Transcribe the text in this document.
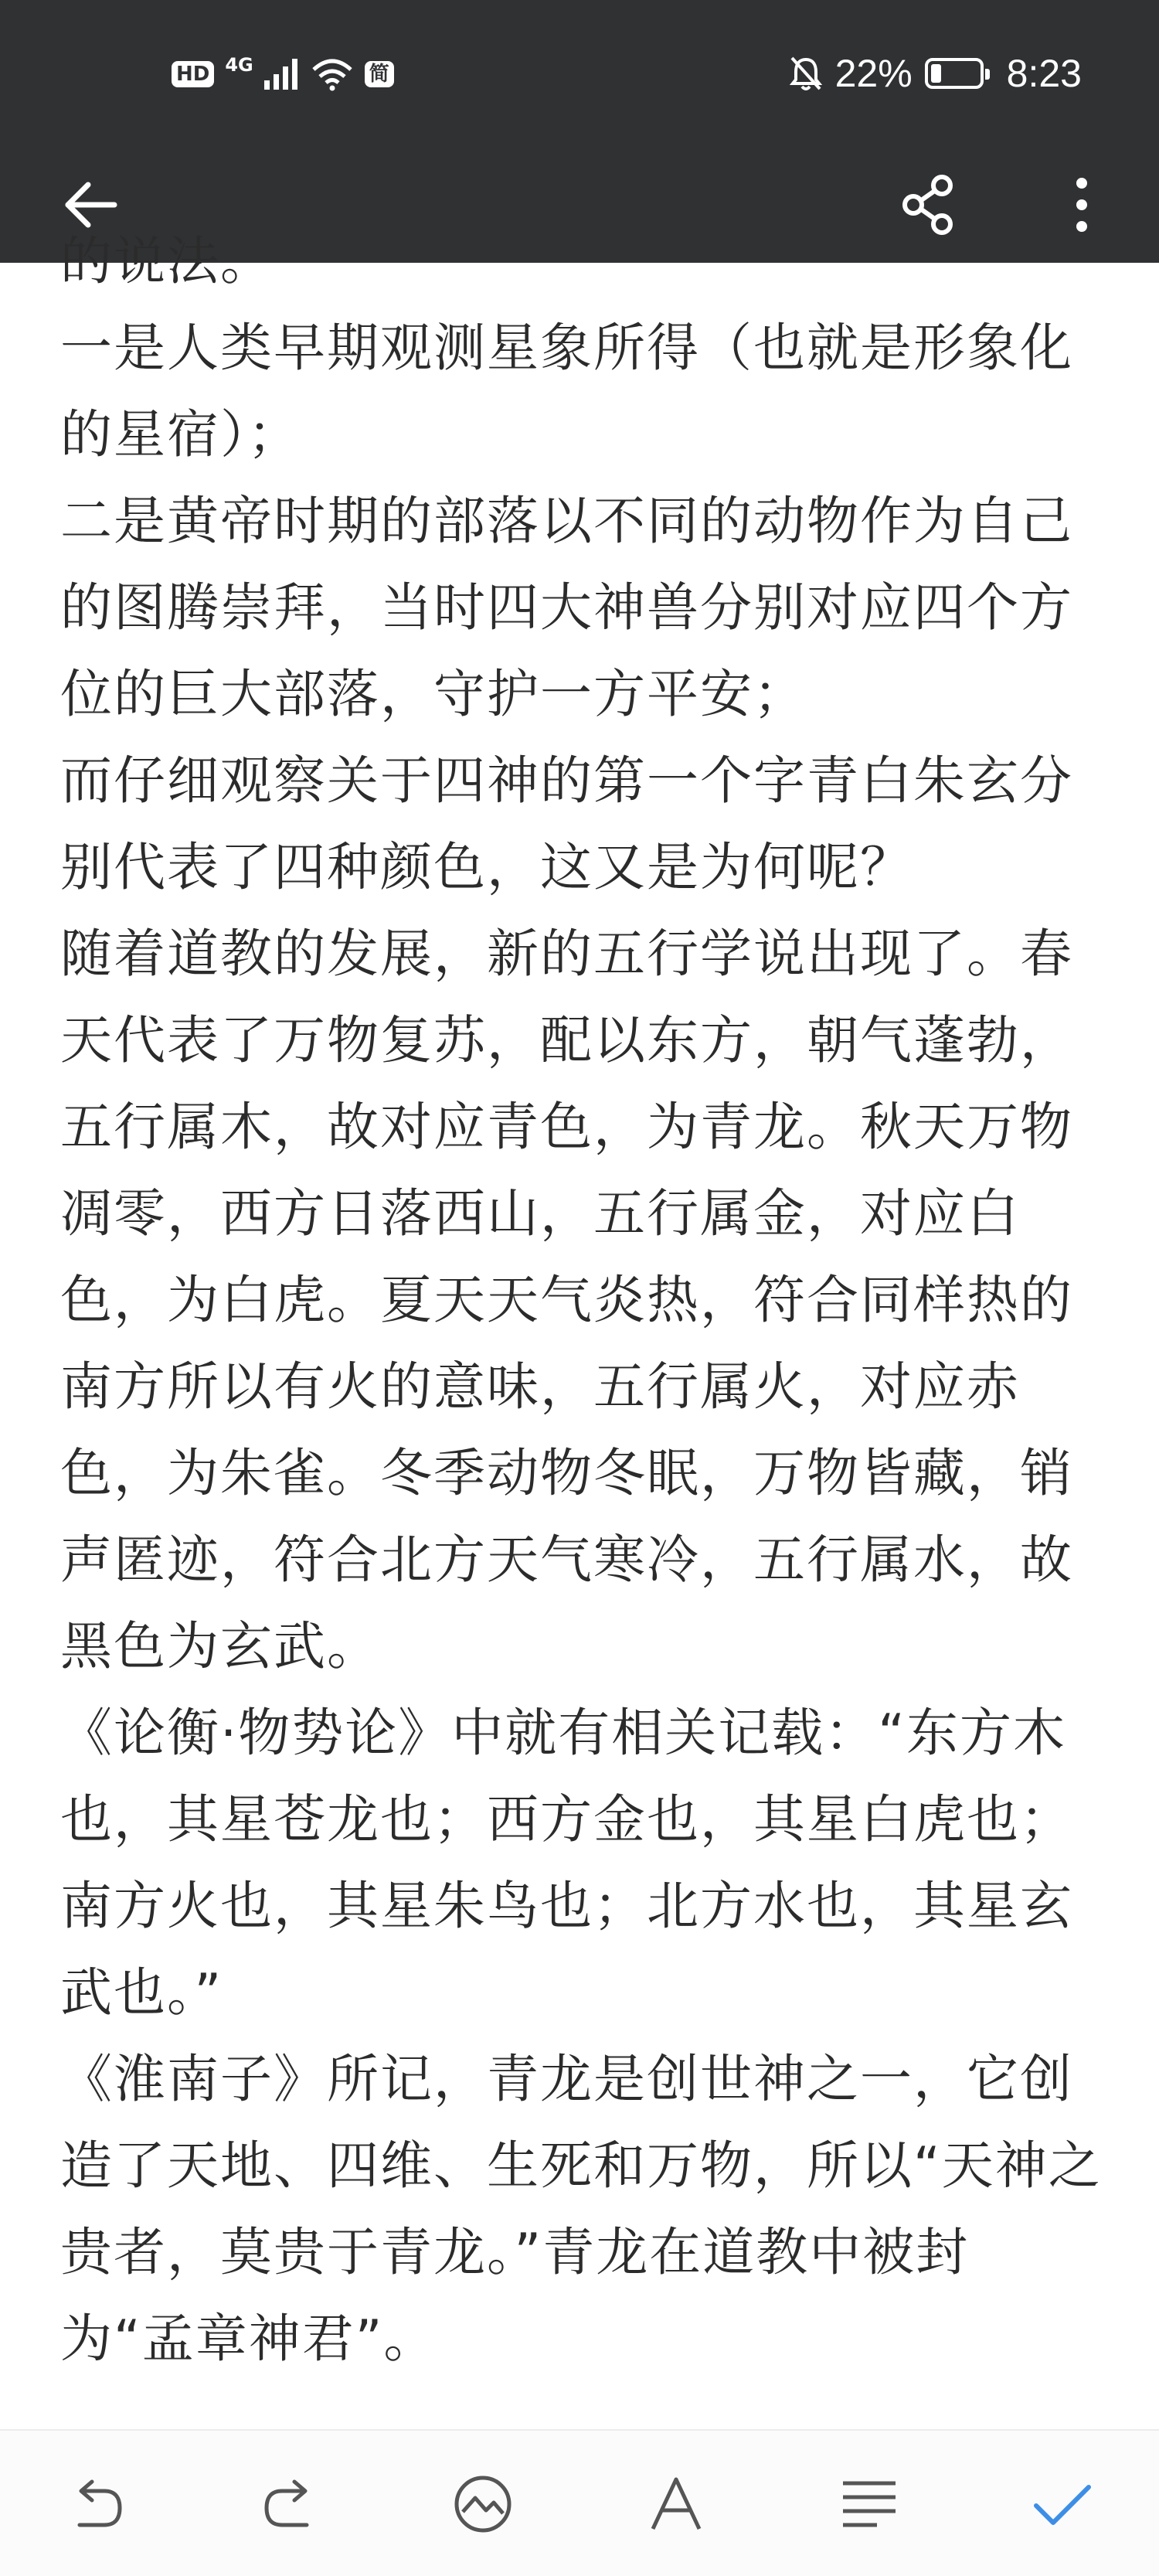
HD 4G	简	22% 8:23

的说法。

一是人类早期观测星象所得（也就是形象化的星宿）；

二是黄帝时期的部落以不同的动物作为自己的图腾崇拜，当时四大神兽分别对应四个方位的巨大部落，守护一方平安；

而仔细观察关于四神的第一个字青白朱玄分别代表了四种颜色，这又是为何呢？

随着道教的发展，新的五行学说出现了。春天代表了万物复苏，配以东方，朝气蓬勃，五行属木，故对应青色，为青龙。秋天万物凋零，西方日落西山，五行属金，对应白色，为白虎。夏天天气炎热，符合同样热的南方所以有火的意味，五行属火，对应赤色，为朱雀。冬季动物冬眠，万物皆藏，销声匿迹，符合北方天气寒冷，五行属水，故黑色为玄武。

《论衡·物势论》中就有相关记载：“东方木也，其星苍龙也；西方金也，其星白虎也；南方火也，其星朱鸟也；北方水也，其星玄武也。”

《淮南子》所记，青龙是创世神之一，它创造了天地、四维、生死和万物，所以“天神之贵者，莫贵于青龙。”青龙在道教中被封为“孟章神君”。
